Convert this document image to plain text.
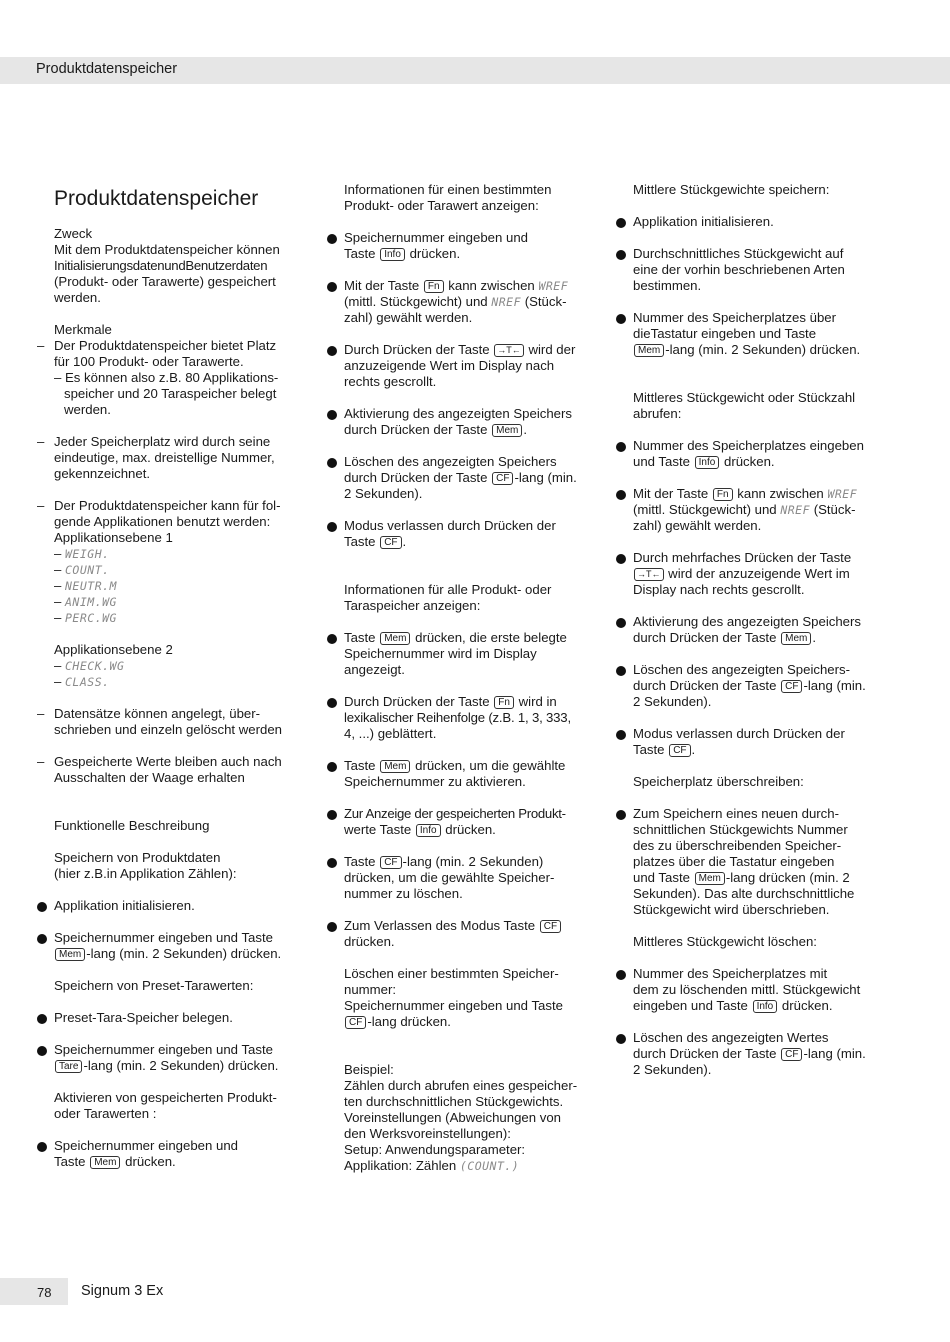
Produktdatenspeicher
Produktdatenspeicher
Zweck
Mit dem Produktdatenspeicher können
InitialisierungsdatenundBenutzerdaten
(Produkt- oder Tarawerte) gespeichert
werden.
Merkmale
– Der Produktdatenspeicher bietet Platz
für 100 Produkt- oder Tarawerte.
– Es können also z.B. 80 Applikations-
speicher und 20 Taraspeicher belegt
werden.
– Jeder Speicherplatz wird durch seine
eindeutige, max. dreistellige Nummer,
gekennzeichnet.
– Der Produktdatenspeicher kann für fol-
gende Applikationen benutzt werden:
Applikationsebene 1
– WEIGH.
– COUNT.
– NEUTR.M
– ANIM.WG
– PERC.WG
Applikationsebene 2
– CHECK.WG
– CLASS.
– Datensätze können angelegt, über-
schrieben und einzeln gelöscht werden
– Gespeicherte Werte bleiben auch nach
Ausschalten der Waage erhalten
Funktionelle Beschreibung
Speichern von Produktdaten
(hier z.B.in Applikation Zählen):
Applikation initialisieren.
Speichernummer eingeben und Taste
Mem -lang (min. 2 Sekunden) drücken.
Speichern von Preset-Tarawerten:
Preset-Tara-Speicher belegen.
Speichernummer eingeben und Taste
Tare -lang (min. 2 Sekunden) drücken.
Aktivieren von gespeicherten Produkt-
oder Tarawerten :
Speichernummer eingeben und
Taste Mem drücken.
Informationen für einen bestimmten
Produkt- oder Tarawert anzeigen:
Speichernummer eingeben und
Taste Info drücken.
Mit der Taste Fn kann zwischen WREF
(mittl. Stückgewicht) und NREF (Stück-
zahl) gewählt werden.
Durch Drücken der Taste →T← wird der
anzuzeigende Wert im Display nach
rechts gescrollt.
Aktivierung des angezeigten Speichers
durch Drücken der Taste Mem .
Löschen des angezeigten Speichers
durch Drücken der Taste CF -lang (min.
2 Sekunden).
Modus verlassen durch Drücken der
Taste CF .
Informationen für alle Produkt- oder
Taraspeicher anzeigen:
Taste Mem drücken, die erste belegte
Speichernummer wird im Display
angezeigt.
Durch Drücken der Taste Fn wird in
lexikalischer Reihenfolge (z.B. 1, 3, 333,
4, ...) geblättert.
Taste Mem drücken, um die gewählte
Speichernummer zu aktivieren.
Zur Anzeige der gespeicherten Produkt-
werte Taste Info drücken.
Taste CF -lang (min. 2 Sekunden)
drücken, um die gewählte Speicher-
nummer zu löschen.
Zum Verlassen des Modus Taste CF
drücken.
Löschen einer bestimmten Speicher-
nummer:
Speichernummer eingeben und Taste
CF -lang drücken.
Beispiel:
Zählen durch abrufen eines gespeicher-
ten durchschnittlichen Stückgewichts.
Voreinstellungen (Abweichungen von
den Werksvoreinstellungen):
Setup: Anwendungsparameter:
Applikation: Zählen (COUNT.)
Mittlere Stückgewichte speichern:
Applikation initialisieren.
Durchschnittliches Stückgewicht auf
eine der vorhin beschriebenen Arten
bestimmen.
Nummer des Speicherplatzes über
dieTastatur eingeben und Taste
Mem -lang (min. 2 Sekunden) drücken.
Mittleres Stückgewicht oder Stückzahl
abrufen:
Nummer des Speicherplatzes eingeben
und Taste Info drücken.
Mit der Taste Fn kann zwischen WREF
(mittl. Stückgewicht) und NREF (Stück-
zahl) gewählt werden.
Durch mehrfaches Drücken der Taste
→T← wird der anzuzeigende Wert im
Display nach rechts gescrollt.
Aktivierung des angezeigten Speichers
durch Drücken der Taste Mem .
Löschen des angezeigten Speichers-
durch Drücken der Taste CF -lang (min.
2 Sekunden).
Modus verlassen durch Drücken der
Taste CF .
Speicherplatz überschreiben:
Zum Speichern eines neuen durch-
schnittlichen Stückgewichts Nummer
des zu überschreibenden Speicher-
platzes über die Tastatur eingeben
und Taste Mem -lang drücken (min. 2
Sekunden). Das alte durchschnittliche
Stückgewicht wird überschrieben.
Mittleres Stückgewicht löschen:
Nummer des Speicherplatzes mit
dem zu löschenden mittl. Stückgewicht
eingeben und Taste Info drücken.
Löschen des angezeigten Wertes
durch Drücken der Taste CF -lang (min.
2 Sekunden).
78 Signum 3 Ex
